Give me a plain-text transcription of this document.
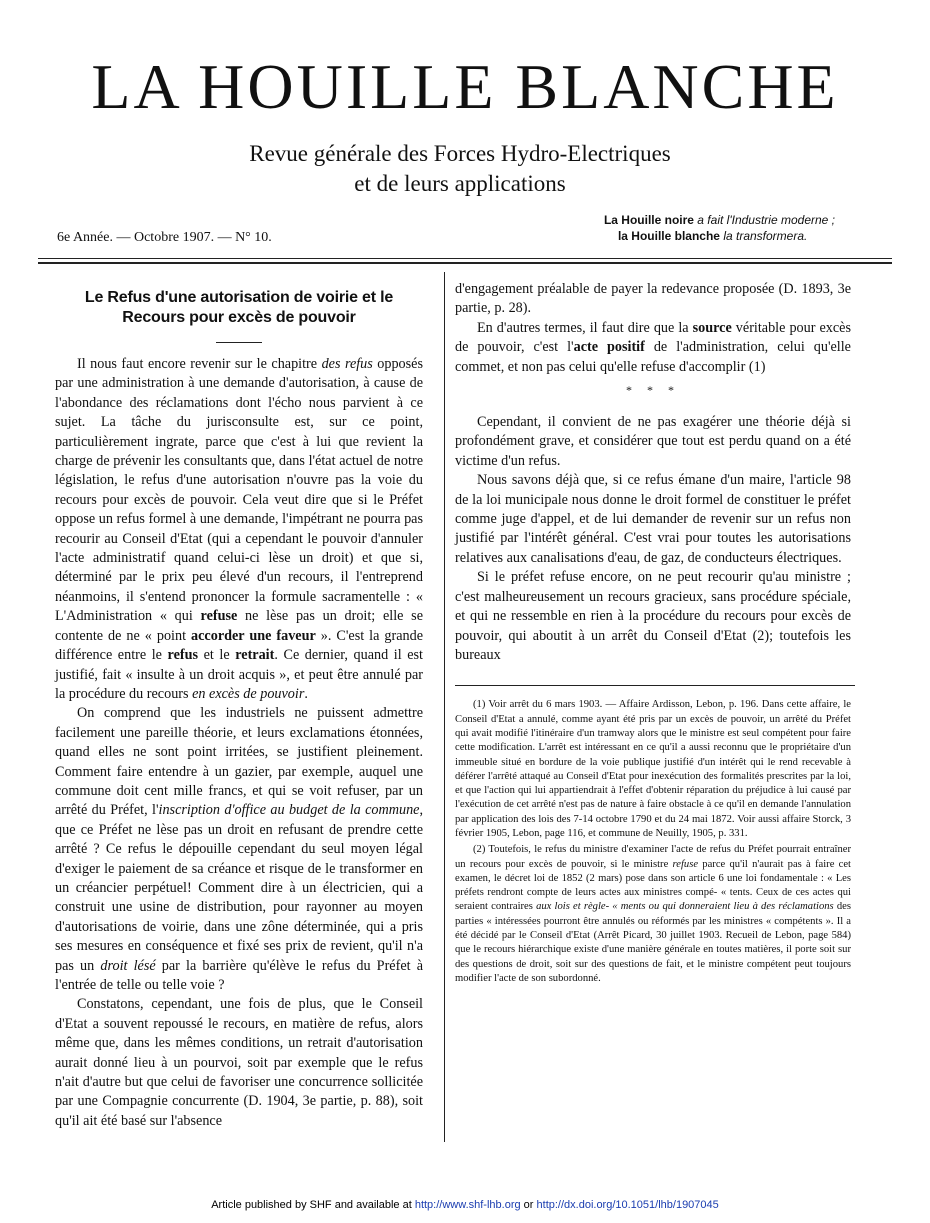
LA HOUILLE BLANCHE
Revue générale des Forces Hydro-Electriques
et de leurs applications
La Houille noire a fait l'Industrie moderne ;
la Houille blanche la transformera.
6e Année. — Octobre 1907. — N° 10.
Le Refus d'une autorisation de voirie et le Recours pour excès de pouvoir

Il nous faut encore revenir sur le chapitre des refus opposés par une administration à une demande d'autorisation, à cause de l'abondance des réclamations dont l'écho nous parvient à ce sujet. La tâche du jurisconsulte est, sur ce point, particulièrement ingrate, parce que c'est à lui que revient la charge de prévenir les consultants que, dans l'état actuel de notre législation, le refus d'une autorisation n'ouvre pas la voie du recours pour excès de pouvoir. Cela veut dire que si le Préfet oppose un refus formel à une demande, l'impétrant ne pourra pas recourir au Conseil d'Etat (qui a cependant le pouvoir d'annuler l'acte administratif quand celui-ci lèse un droit) et que si, déterminé par le prix peu élevé d'un recours, il l'entreprend néanmoins, il s'entend prononcer la formule sacramentelle : « L'Administration « qui refuse ne lèse pas un droit; elle se contente de ne « point accorder une faveur ». C'est la grande différence entre le refus et le retrait. Ce dernier, quand il est justifié, fait « insulte à un droit acquis », et peut être annulé par la procédure du recours en excès de pouvoir.

On comprend que les industriels ne puissent admettre facilement une pareille théorie, et leurs exclamations étonnées, quand elles ne sont point irritées, se justifient pleinement. Comment faire entendre à un gazier, par exemple, auquel une commune doit cent mille francs, et qui se voit refuser, par un arrêté du Préfet, l'inscription d'office au budget de la commune, que ce Préfet ne lèse pas un droit en refusant de prendre cette arrêté ? Ce refus le dépouille cependant du seul moyen légal d'exiger le paiement de sa créance et risque de le transformer en un créancier perpétuel! Comment dire à un électricien, qui a construit une usine de distribution, pour rayonner au moyen d'autorisations de voirie, dans une zône déterminée, qui a pris ses mesures en conséquence et fixé ses prix de revient, qu'il n'a pas un droit lésé par la barrière qu'élève le refus du Préfet à l'entrée de telle ou telle voie ?

Constatons, cependant, une fois de plus, que le Conseil d'Etat a souvent repoussé le recours, en matière de refus, alors même que, dans les mêmes conditions, un retrait d'autorisation aurait donné lieu à un pourvoi, soit par exemple que le refus n'ait d'autre but que celui de favoriser une concurrence sollicitée par une Compagnie concurrente (D. 1904, 3e partie, p. 88), soit qu'il ait été basé sur l'absence

d'engagement préalable de payer la redevance proposée (D. 1893, 3e partie, p. 28).

En d'autres termes, il faut dire que la source véritable pour excès de pouvoir, c'est l'acte positif de l'administration, celui qu'elle commet, et non pas celui qu'elle refuse d'accomplir (1)

* * *

Cependant, il convient de ne pas exagérer une théorie déjà si profondément grave, et considérer que tout est perdu quand on a été victime d'un refus.

Nous savons déjà que, si ce refus émane d'un maire, l'article 98 de la loi municipale nous donne le droit formel de constituer le préfet comme juge d'appel, et de lui demander de revenir sur un refus non justifié par l'intérêt général. C'est vrai pour toutes les autorisations relatives aux canalisations d'eau, de gaz, de conducteurs électriques.

Si le préfet refuse encore, on ne peut recourir qu'au ministre ; c'est malheureusement un recours gracieux, sans procédure spéciale, et qui ne ressemble en rien à la procédure du recours pour excès de pouvoir, qui aboutit à un arrêt du Conseil d'Etat (2); toutefois les bureaux

(1) Voir arrêt du 6 mars 1903. — Affaire Ardisson, Lebon, p. 196. Dans cette affaire, le Conseil d'Etat a annulé, comme ayant été pris par un excès de pouvoir, un arrêté du Préfet qui avait modifié l'itinéraire d'un tramway alors que le ministre est seul compétent pour faire cette modification. L'arrêt est intéressant en ce qu'il a aussi reconnu que le propriétaire d'un immeuble situé en bordure de la voie publique justifié d'un intérêt qui le rend recevable à déférer l'arrêté attaqué au Conseil d'Etat pour inexécution des formalités prescrites par la loi, et que l'action qui lui appartiendrait à l'effet d'obtenir réparation du préjudice à lui causé par l'exécution de cet arrêté n'est pas de nature à faire obstacle à ce qu'il en demande l'annulation par application des lois des 7-14 octobre 1790 et du 24 mai 1872. Voir aussi affaire Storck, 3 février 1905, Lebon, page 116, et commune de Neuilly, 1905, p. 331.

(2) Toutefois, le refus du ministre d'examiner l'acte de refus du Préfet pourrait entraîner un recours pour excès de pouvoir, si le ministre refuse parce qu'il n'aurait pas à faire cet examen, le décret loi de 1852 (2 mars) pose dans son article 6 une loi fondamentale : « Les préfets rendront compte de leurs actes aux ministres compé- « tents. Ceux de ces actes qui seraient contraires aux lois et règle- « ments ou qui donneraient lieu à des réclamations des parties « intéressées pourront être annulés ou réformés par les ministres « compétents ». Il a été décidé par le Conseil d'Etat (Arrêt Picard, 30 juillet 1903. Recueil de Lebon, page 584) que le recours hiérarchique existe d'une manière générale en toutes matières, il porte soit sur des questions de droit, soit sur des questions de fait, et le ministre compétent peut toujours modifier l'acte de son subordonné.

Article published by SHF and available at http://www.shf-lhb.org or http://dx.doi.org/10.1051/lhb/1907045
